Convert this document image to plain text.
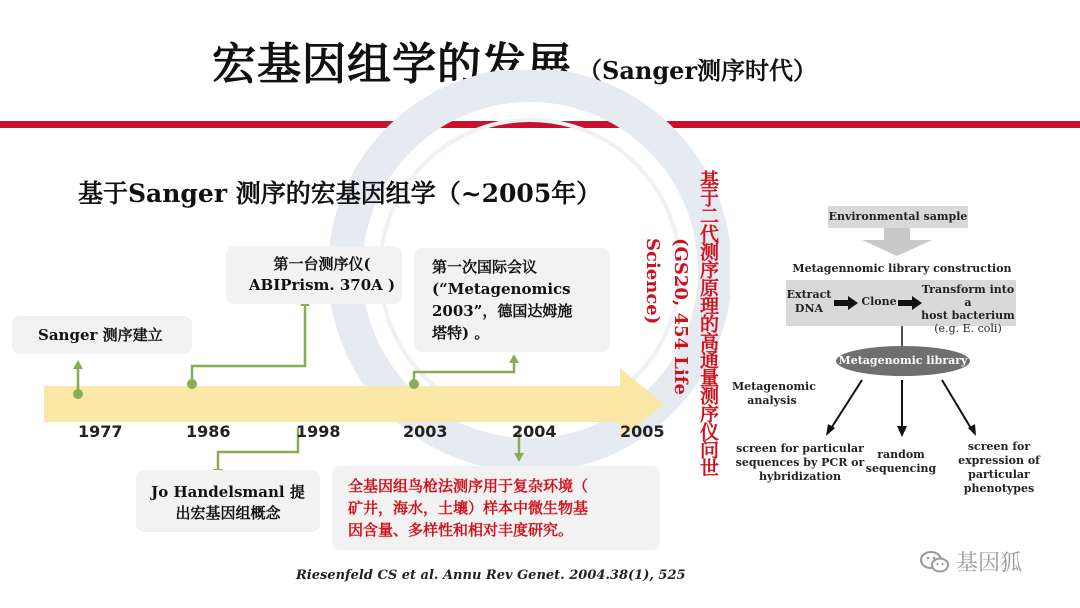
宏基因组学的发展 （Sanger测序时代）
基于Sanger 测序的宏基因组学（~2005年）
1977	1986	1998	2003	2004	2005
Sanger 测序建立
第一台测序仪(
ABIPrism. 370A )
第一次国际会议
(“Metagenomics
2003”，德国达姆施
塔特) 。
Jo Handelsmanl 提
出宏基因组概念
全基因组鸟枪法测序用于复杂环境（
矿井，海水，土壤）样本中微生物基
因含量、多样性和相对丰度研究。
基于二代测序原理的高通量测序仪问世
(GS20, 454 Life Science)
Environmental sample
Metagennomic library construction
Extract
DNA
Clone
Transform into a
host bacterium
(e.g. E. coli)
Metagenomic library
Metagenomic
analysis
screen for particular
sequences by PCR or
hybridization
random
sequencing
screen for
expression of
particular phenotypes
Riesenfeld CS et al. Annu Rev Genet. 2004.38(1), 525	基因狐
